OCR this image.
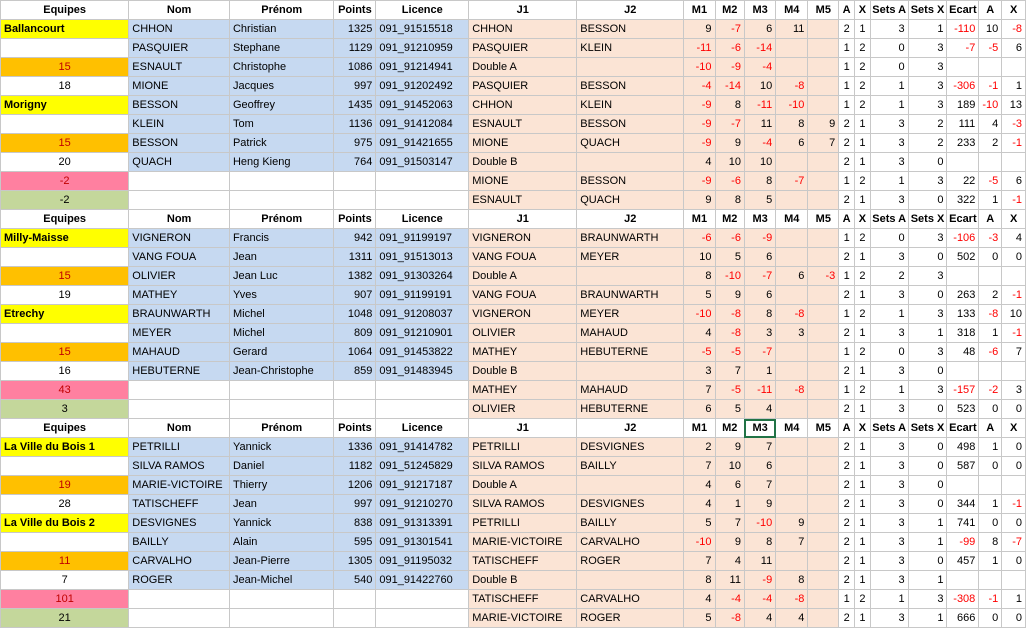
Equipes	Nom	Prénom	Points	Licence	J1	J2	M1	M2	M3	M4	M5	A	X	Sets A	Sets X	Ecart	A	X
Ballancourt	CHHON	Christian	1325	091_91515518	CHHON	BESSON	9	-7	6	11		2	1	3	1	-110	10	-8
	PASQUIER	Stephane	1129	091_91210959	PASQUIER	KLEIN	-11	-6	-14			1	2	0	3	-7	-5	6
15	ESNAULT	Christophe	1086	091_91214941	Double A		-10	-9	-4			1	2	0	3			
18	MIONE	Jacques	997	091_91202492	PASQUIER	BESSON	-4	-14	10	-8		1	2	1	3	-306	-1	1
Morigny	BESSON	Geoffrey	1435	091_91452063	CHHON	KLEIN	-9	8	-11	-10		1	2	1	3	189	-10	13
	KLEIN	Tom	1136	091_91412084	ESNAULT	BESSON	-9	-7	11	8	9	2	1	3	2	111	4	-3
15	BESSON	Patrick	975	091_91421655	MIONE	QUACH	-9	9	-4	6	7	2	1	3	2	233	2	-1
20	QUACH	Heng Kieng	764	091_91503147	Double B		4	10	10			2	1	3	0			
-2					MIONE	BESSON	-9	-6	8	-7		1	2	1	3	22	-5	6
-2					ESNAULT	QUACH	9	8	5			2	1	3	0	322	1	-1
Equipes	Nom	Prénom	Points	Licence	J1	J2	M1	M2	M3	M4	M5	A	X	Sets A	Sets X	Ecart	A	X
Milly-Maisse	VIGNERON	Francis	942	091_91199197	VIGNERON	BRAUNWARTH	-6	-6	-9			1	2	0	3	-106	-3	4
	VANG FOUA	Jean	1311	091_91513013	VANG FOUA	MEYER	10	5	6			2	1	3	0	502	0	0
15	OLIVIER	Jean Luc	1382	091_91303264	Double A		8	-10	-7	6	-3	1	2	2	3			
19	MATHEY	Yves	907	091_91199191	VANG FOUA	BRAUNWARTH	5	9	6			2	1	3	0	263	2	-1
Etrechy	BRAUNWARTH	Michel	1048	091_91208037	VIGNERON	MEYER	-10	-8	8	-8		1	2	1	3	133	-8	10
	MEYER	Michel	809	091_91210901	OLIVIER	MAHAUD	4	-8	3	3		2	1	3	1	318	1	-1
15	MAHAUD	Gerard	1064	091_91453822	MATHEY	HEBUTERNE	-5	-5	-7			1	2	0	3	48	-6	7
16	HEBUTERNE	Jean-Christophe	859	091_91483945	Double B		3	7	1			2	1	3	0			
43					MATHEY	MAHAUD	7	-5	-11	-8		1	2	1	3	-157	-2	3
3					OLIVIER	HEBUTERNE	6	5	4			2	1	3	0	523	0	0
Equipes	Nom	Prénom	Points	Licence	J1	J2	M1	M2	M3	M4	M5	A	X	Sets A	Sets X	Ecart	A	X
La Ville du Bois 1	PETRILLI	Yannick	1336	091_91414782	PETRILLI	DESVIGNES	2	9	7			2	1	3	0	498	1	0
	SILVA RAMOS	Daniel	1182	091_51245829	SILVA RAMOS	BAILLY	7	10	6			2	1	3	0	587	0	0
19	MARIE-VICTOIRE	Thierry	1206	091_91217187	Double A		4	6	7			2	1	3	0			
28	TATISCHEFF	Jean	997	091_91210270	SILVA RAMOS	DESVIGNES	4	1	9			2	1	3	0	344	1	-1
La Ville du Bois 2	DESVIGNES	Yannick	838	091_91313391	PETRILLI	BAILLY	5	7	-10	9		2	1	3	1	741	0	0
	BAILLY	Alain	595	091_91301541	MARIE-VICTOIRE	CARVALHO	-10	9	8	7		2	1	3	1	-99	8	-7
11	CARVALHO	Jean-Pierre	1305	091_91195032	TATISCHEFF	ROGER	7	4	11			2	1	3	0	457	1	0
7	ROGER	Jean-Michel	540	091_91422760	Double B		8	11	-9	8		2	1	3	1			
101					TATISCHEFF	CARVALHO	4	-4	-4	-8		1	2	1	3	-308	-1	1
21					MARIE-VICTOIRE	ROGER	5	-8	4	4		2	1	3	1	666	0	0
